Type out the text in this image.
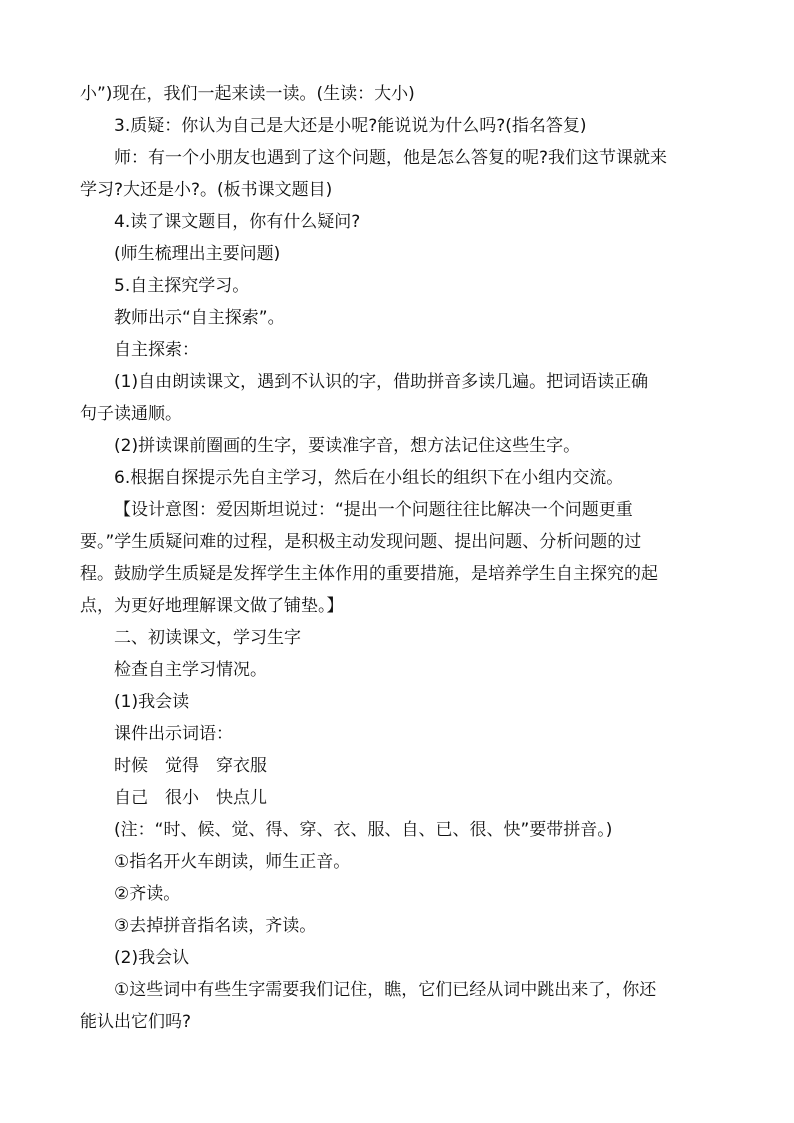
小”)现在，我们一起来读一读。(生读：大小)
3.质疑：你认为自己是大还是小呢?能说说为什么吗?(指名答复)
师：有一个小朋友也遇到了这个问题，他是怎么答复的呢?我们这节课就来
学习?大还是小?。(板书课文题目)
4.读了课文题目，你有什么疑问?
(师生梳理出主要问题)
5.自主探究学习。
教师出示“自主探索”。
自主探索：
(1)自由朗读课文，遇到不认识的字，借助拼音多读几遍。把词语读正确
句子读通顺。
(2)拼读课前圈画的生字，要读准字音，想方法记住这些生字。
6.根据自探提示先自主学习，然后在小组长的组织下在小组内交流。
【设计意图：爱因斯坦说过：“提出一个问题往往比解决一个问题更重
要。”学生质疑问难的过程，是积极主动发现问题、提出问题、分析问题的过
程。鼓励学生质疑是发挥学生主体作用的重要措施，是培养学生自主探究的起
点，为更好地理解课文做了铺垫。】
二、初读课文，学习生字
检查自主学习情况。
(1)我会读
课件出示词语：
时候　觉得　穿衣服
自己　很小　快点儿
(注：“时、候、觉、得、穿、衣、服、自、已、很、快”要带拼音。)
①指名开火车朗读，师生正音。
②齐读。
③去掉拼音指名读，齐读。
(2)我会认
①这些词中有些生字需要我们记住，瞧，它们已经从词中跳出来了，你还
能认出它们吗?
